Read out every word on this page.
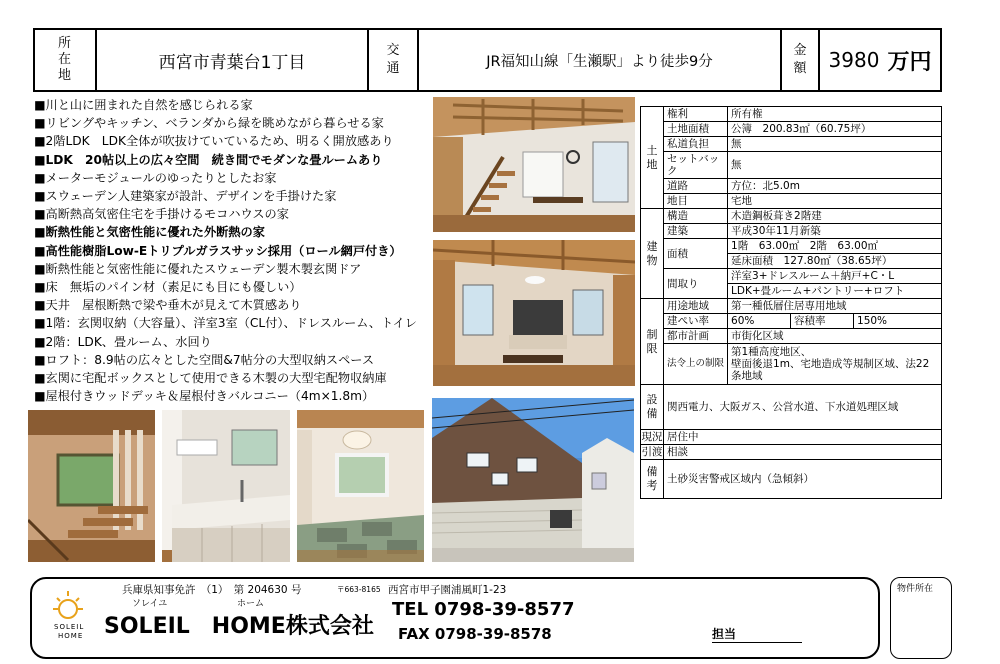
所在地
西宮市青葉台1丁目
交通	JR福知山線「生瀬駅」より徒歩9分
金額 3980 万円
■川と山に囲まれた自然を感じられる家
■リビングやキッチン、ベランダから緑を眺めながら暮らせる家
■2階LDK　LDK全体が吹抜けていているため、明るく開放感あり
■LDK　20帖以上の広々空間　続き間でモダンな畳ルームあり
■メーターモジュールのゆったりとしたお家
■スウェーデン人建築家が設計、デザインを手掛けた家
■高断熱高気密住宅を手掛けるモコハウスの家
■断熱性能と気密性能に優れた外断熱の家
■高性能樹脂Low-Eトリプルガラスサッシ採用（ロール網戸付き）
■断熱性能と気密性能に優れたスウェーデン製木製玄関ドア
■床　無垢のパイン材（素足にも目にも優しい）
■天井　屋根断熱で梁や垂木が見えて木質感あり
■1階：玄関収納（大容量）、洋室3室（CL付）、ドレスルーム、トイレ
■2階：LDK、畳ルーム、水回り
■ロフト：8.9帖の広々とした空間&7帖分の大型収納スペース
■玄関に宅配ボックスとして使用できる木製の大型宅配物収納庫
■屋根付きウッドデッキ＆屋根付きバルコニー（4m×1.8m）
土地	権利	所有権		
	土地面積	公簿　200.83㎡（60.75坪）		
	私道負担	無		
	セットバック	無		
	道路	方位：北5.0m		
	地目	宅地		
建物	構造	木造鋼板葺き2階建		
	建築	平成30年11月新築		
	面積	1階　63.00㎡　2階　63.00㎡		
		延床面積　127.80㎡（38.65坪）		
	間取り	洋室3+ドレスルーム＋納戸+C・L		
		LDK+畳ルーム+パントリー+ロフト		
制限	用途地域	第一種低層住居専用地域		
	建ぺい率	60%	容積率	150%
	都市計画	市街化区域		
	法令上の制限	第1種高度地区、
壁面後退1m、宅地造成等規制区域、法22条地域		
設備	関西電力、大阪ガス、公営水道、下水道処理区域			
現況	居住中			
引渡	相談			
備考	土砂災害警戒区域内（急傾斜）			
SOLEIL
HOME
兵庫県知事免許　（1）　第 204630 号	〒663-8165 西宮市甲子園浦風町1-23
ソレイユ	ホーム
SOLEIL　HOME株式会社
TEL 0798-39-8577
FAX 0798-39-8578	担当
物件所在
